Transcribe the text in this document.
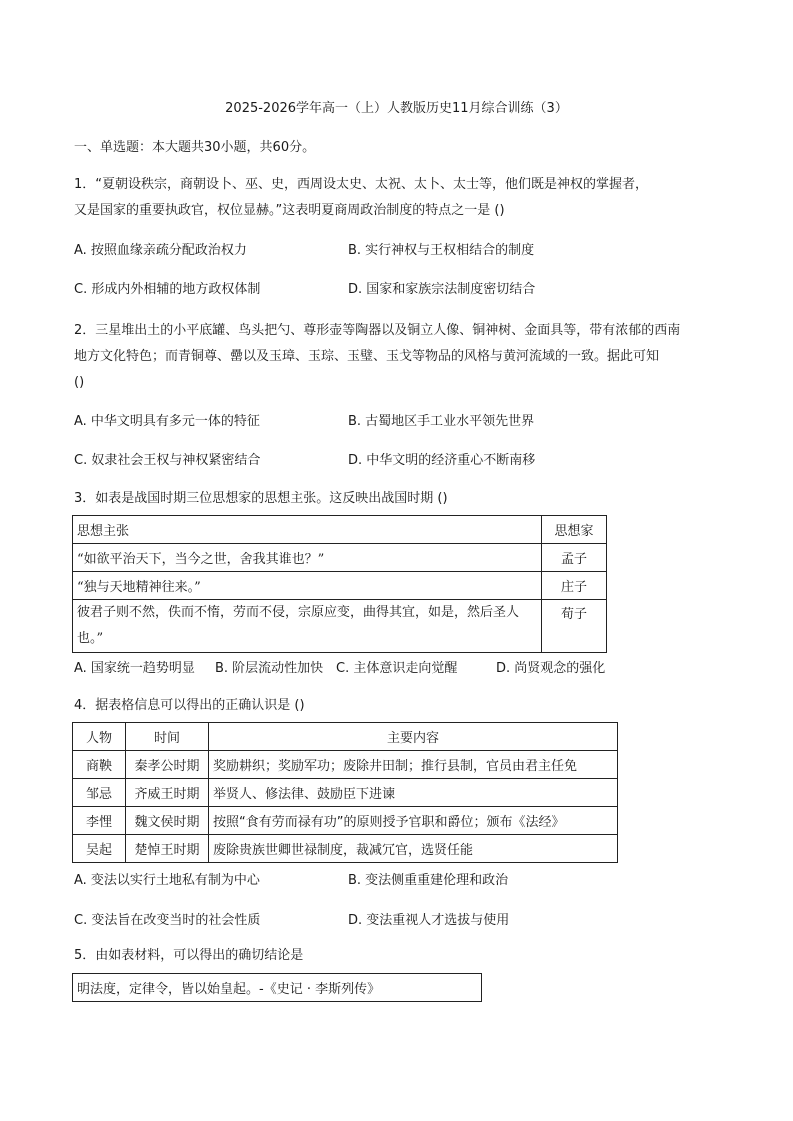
2025-2026学年高一（上）人教版历史11月综合训练（3）
一、单选题：本大题共30小题，共60分。
1．“夏朝设秩宗，商朝设卜、巫、史，西周设太史、太祝、太卜、太士等，他们既是神权的掌握者，
又是国家的重要执政官，权位显赫。”这表明夏商周政治制度的特点之一是 ()
A. 按照血缘亲疏分配政治权力	B. 实行神权与王权相结合的制度
C. 形成内外相辅的地方政权体制	D. 国家和家族宗法制度密切结合
2．三星堆出土的小平底罐、鸟头把勺、尊形壶等陶器以及铜立人像、铜神树、金面具等，带有浓郁的西南
地方文化特色；而青铜尊、罍以及玉璋、玉琮、玉璧、玉戈等物品的风格与黄河流域的一致。据此可知
()
A. 中华文明具有多元一体的特征	B. 古蜀地区手工业水平领先世界
C. 奴隶社会王权与神权紧密结合	D. 中华文明的经济重心不断南移
3．如表是战国时期三位思想家的思想主张。这反映出战国时期 ()
思想主张	思想家
“如欲平治天下，当今之世，舍我其谁也？”	孟子
“独与天地精神往来。”	庄子
彼君子则不然，佚而不惰，劳而不侵，宗原应变，曲得其宜，如是，然后圣人也。”	荀子
A. 国家统一趋势明显 B. 阶层流动性加快 C. 主体意识走向觉醒	D. 尚贤观念的强化
4．据表格信息可以得出的正确认识是 ()
人物	时间	主要内容
商鞅	秦孝公时期	奖励耕织；奖励军功；废除井田制；推行县制，官员由君主任免
邹忌	齐威王时期	举贤人、修法律、鼓励臣下进谏
李悝	魏文侯时期	按照“食有劳而禄有功”的原则授予官职和爵位；颁布《法经》
吴起	楚悼王时期	废除贵族世卿世禄制度，裁减冗官，选贤任能
A. 变法以实行土地私有制为中心	B. 变法侧重重建伦理和政治
C. 变法旨在改变当时的社会性质	D. 变法重视人才选拔与使用
5．由如表材料，可以得出的确切结论是
明法度，定律令，皆以始皇起。-《史记 · 李斯列传》
